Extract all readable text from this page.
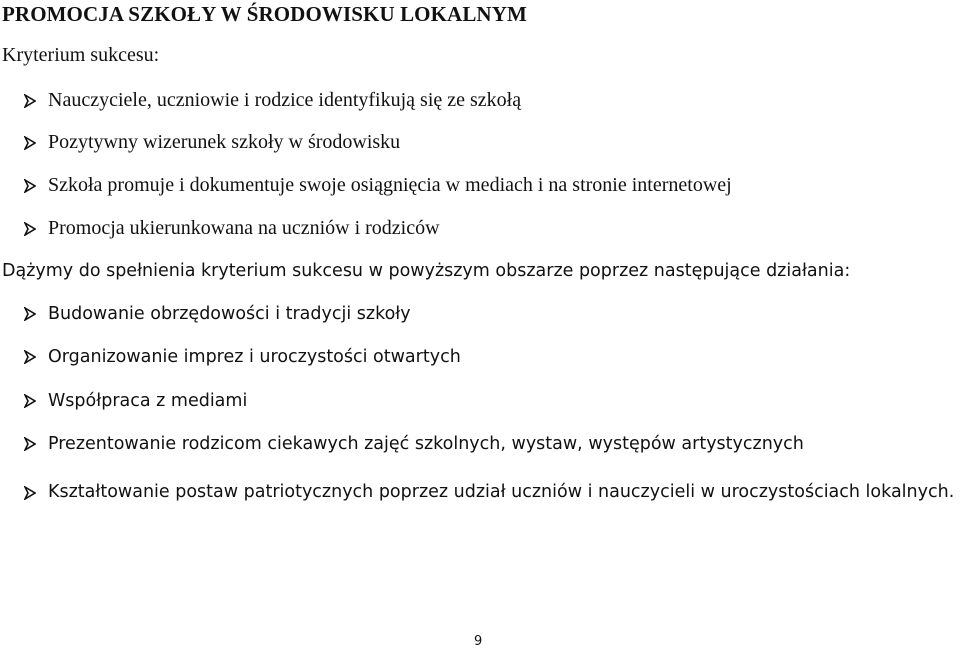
PROMOCJA SZKOŁY W ŚRODOWISKU LOKALNYM

Kryterium sukcesu:

Nauczyciele, uczniowie i rodzice identyfikują się ze szkołą
Pozytywny wizerunek szkoły w środowisku
Szkoła promuje i dokumentuje swoje osiągnięcia w mediach i na stronie internetowej
Promocja ukierunkowana na uczniów i rodziców

Dążymy do spełnienia kryterium sukcesu w powyższym obszarze poprzez następujące działania:

Budowanie obrzędowości i tradycji szkoły
Organizowanie imprez i uroczystości otwartych
Współpraca z mediami
Prezentowanie rodzicom ciekawych zajęć szkolnych, wystaw, występów artystycznych
Kształtowanie postaw patriotycznych poprzez udział uczniów i nauczycieli w uroczystościach lokalnych.
9
